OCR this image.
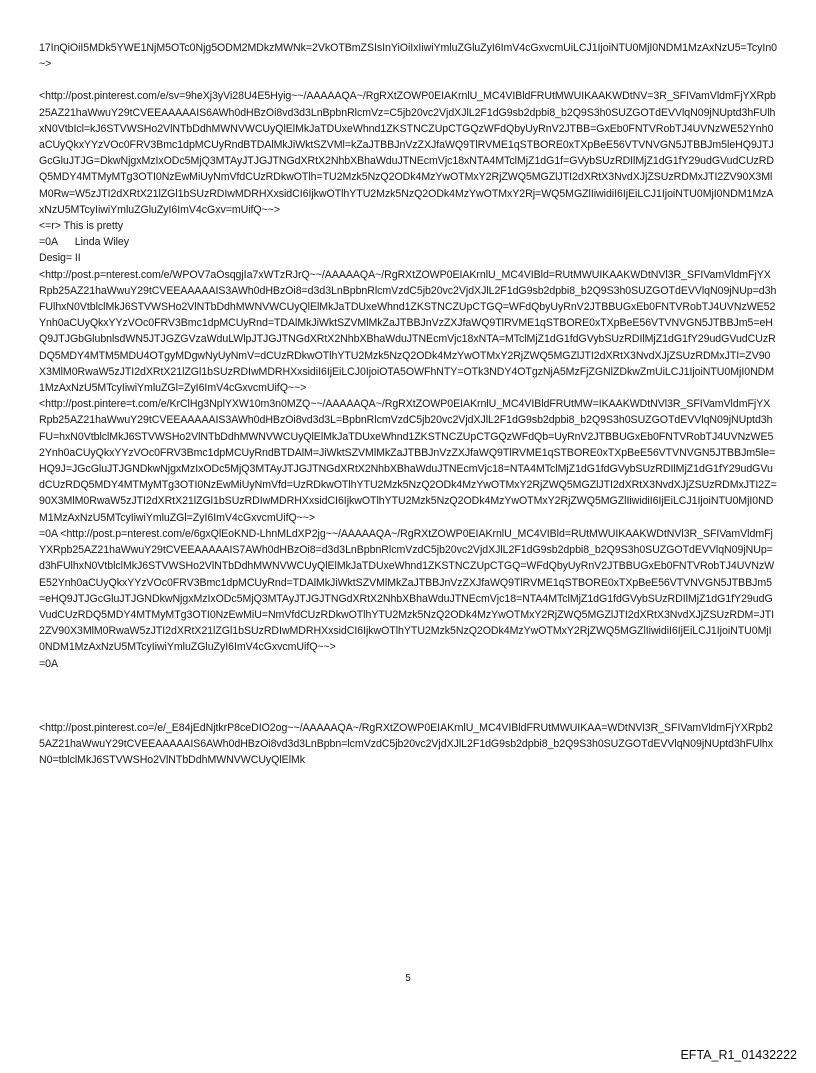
17InQiOiI5MDk5YWE1NjM5OTc0Njg5ODM2MDkzMWNk=2VkOTBmZSIsInYiOiIxIiwiYmluZGluZyI6ImV4cGxvcmUiLCJ1IjoiNTU0MjI0NDM1MzAxNzU5=TcyIn0~>
<http://post.pinterest.com/e/sv=9heXj3yVi28U4E5Hyig~~/AAAAAQA~/RgRXtZOWP0EIAKrnlU_MC4VIBldFRUtMWUIKAAKWDtNV=3R_SFIVamVldmFjYXRpb25AZ21haWwuY29tCVEEAAAAAIS6AWh0dHBzOi8vd3d3LnBpbnRlcmVz=C5jb20vc2VjdXJlL2F1dG9sb2dpbi8_b2Q9S3h0SUZGOTdEVVlqN09jNUptd3hFUlhxN0VtbIcl=kJ6STVWSHo2VlNTbDdhMWNVWCUyQlElMkJaTDUxeWhnd1ZKSTNCZUpCTGQzWFdQbyUyRnV2JTBB=GxEb0FNTVRobTJ4UVNzWE52Ynh0aCUyQkxYYzVOc0FRV3Bmc1dpMCUyRndBTDAlMkJiWktSZVMl=kZaJTBBJnVzZXJfaWQ9TlRVME1qSTBORE0xTXpBeE56VTVNVGN5JTBBJm5leHQ9JTJGcGluJTJG=DkwNjgxMzIxODc5MjQ3MTAyJTJGJTNGdXRtX2NhbXBhaWduJTNEcmVjc18xNTA4MTclMjZ1dG1f=GVybSUzRDIlMjZ1dG1fY29udGVudCUzRDQ5MDY4MTMyMTg3OTI0NzEwMiUyNmVfdCUzRDkwOTlh=TU2Mzk5NzQ2ODk4MzYwOTMxY2RjZWQ5MGZlJTI2dXRtX3NvdXJjZSUzRDMxJTI2ZV90X3MlM0Rw=W5zJTI2dXRtX21lZGl1bSUzRDIwMDRHXxsidCI6IjkwOTlhYTU2Mzk5NzQ2ODk4MzYwOTMxY2Rj=WQ5MGZlIiwidiI6IjEiLCJ1IjoiNTU0MjI0NDM1MzAxNzU5MTcyIiwiYmluZGluZyI6ImV4cGxv=mUifQ~~>
<=r> This is pretty
=0A      Linda Wiley
Desig= II
<http://post.p=nterest.com/e/WPOV7aOsqgjIa7xWTzRJrQ~~/AAAAAQA~/RgRXtZOWP0EIAKrnlU_MC4VIBld=RUtMWUIKAAKWDtNVl3R_SFIVamVldmFjYXRpb25AZ21haWwuY29tCVEEAAAAAIS3AWh0dHBzOi8=d3d3LnBpbnRlcmVzdC5jb20vc2VjdXJlL2F1dG9sb2dpbi8_b2Q9S3h0SUZGOTdEVVlqN09jNUp=d3hFUlhxN0VtblclMkJ6STVWSHo2VlNTbDdhMWNVWCUyQlElMkJaTDUxeWhnd1ZKSTNCZUpCTGQ=WFdQbyUyRnV2JTBBUGxEb0FNTVRobTJ4UVNzWE52Ynh0aCUyQkxYYzVOc0FRV3Bmc1dpMCUyRnd=TDAlMkJiWktSZVMlMkZaJTBBJnVzZXJfaWQ9TlRVME1qSTBORE0xTXpBeE56VTVNVGN5JTBBJm5=eHQ9JTJGbGlubnlsdWN5JTJGZGVzaWduLWlpJTJGJTNGdXRtX2NhbXBhaWduJTNEcmVjc18xNTA=MTclMjZ1dG1fdGVybSUzRDIlMjZ1dG1fY29udGVudCUzRDQ5MDY4MTM5MDU4OTgyMDgwNyUyNmV=dCUzRDkwOTlhYTU2Mzk5NzQ2ODk4MzYwOTMxY2RjZWQ5MGZlJTI2dXRtX3NvdXJjZSUzRDMxJTI=ZV90X3MlM0RwaW5zJTI2dXRtX21lZGl1bSUzRDIwMDRHXxsidiI6IjEiLCJ0IjoiOTA5OWFhNTY=OTk3NDY4OTgzNjA5MzFjZGNlZDkwZmUiLCJ1IjoiNTU0MjI0NDM1MzAxNzU5MTcyIiwiYmluZGl=ZyI6ImV4cGxvcmUifQ~~>
<http://post.pintere=t.com/e/KrClHg3NplYXW10m3n0MZQ~~/AAAAAQA~/RgRXtZOWP0EIAKrnlU_MC4VIBldFRUtMW=IKAAKWDtNVl3R_SFIVamVldmFjYXRpb25AZ21haWwuY29tCVEEAAAAAIS3AWh0dHBzOi8vd3d3L=BpbnRlcmVzdC5jb20vc2VjdXJlL2F1dG9sb2dpbi8_b2Q9S3h0SUZGOTdEVVlqN09jNUptd3hFU=hxN0VtblclMkJ6STVWSHo2VlNTbDdhMWNVWCUyQlElMkJaTDUxeWhnd1ZKSTNCZUpCTGQzWFdQb=UyRnV2JTBBUGxEb0FNTVRobTJ4UVNzWE52Ynh0aCUyQkxYYzVOc0FRV3Bmc1dpMCUyRndBTDAlM=JiWktSZVMlMkZaJTBBJnVzZXJfaWQ9TlRVME1qSTBORE0xTXpBeE56VTVNVGN5JTBBJm5le=HQ9J=JGcGluJTJGNDkwNjgxMzIxODc5MjQ3MTAyJTJGJTNGdXRtX2NhbXBhaWduJTNEcmVjc18=NTA4MTclMjZ1dG1fdGVybSUzRDIlMjZ1dG1fY29udGVudCUzRDQ5MDY4MTMyMTg3OTI0NzEwMiUyNmVfd=UzRDkwOTlhYTU2Mzk5NzQ2ODk4MzYwOTMxY2RjZWQ5MGZlJTI2dXRtX3NvdXJjZSUzRDMxJTI2Z=90X3MlM0RwaW5zJTI2dXRtX21lZGl1bSUzRDIwMDRHXxsidCI6IjkwOTlhYTU2Mzk5NzQ2ODk4MzYwOTMxY2RjZWQ5MGZlIiwidiI6IjEiLCJ1IjoiNTU0MjI0NDM1MzAxNzU5MTcyIiwiYmluZGl=ZyI6ImV4cGxvcmUifQ~~>
=0A <http://post.p=nterest.com/e/6gxQlEoKND-LhnMLdXP2jg~~/AAAAAQA~/RgRXtZOWP0EIAKrnlU_MC4VIBld=RUtMWUIKAAKWDtNVl3R_SFIVamVldmFjYXRpb25AZ21haWwuY29tCVEEAAAAAIS7AWh0dHBzOi8=d3d3LnBpbnRlcmVzdC5jb20vc2VjdXJlL2F1dG9sb2dpbi8_b2Q9S3h0SUZGOTdEVVlqN09jNUp=d3hFUlhxN0VtblclMkJ6STVWSHo2VlNTbDdhMWNVWCUyQlElMkJaTDUxeWhnd1ZKSTNCZUpCTGQ=WFdQbyUyRnV2JTBBUGxEb0FNTVRobTJ4UVNzWE52Ynh0aCUyQkxYYzVOc0FRV3Bmc1dpMCUyRnd=TDAlMkJiWktSZVMlMkZaJTBBJnVzZXJfaWQ9TlRVME1qSTBORE0xTXpBeE56VTVNVGN5JTBBJm5=eHQ9JTJGcGluJTJGNDkwNjgxMzIxODc5MjQ3MTAyJTJGJTNGdXRtX2NhbXBhaWduJTNEcmVjc18=NTA4MTclMjZ1dG1fdGVybSUzRDIlMjZ1dG1fY29udGVudCUzRDQ5MDY4MTMyMTg3OTI0NzEwMiU=NmVfdCUzRDkwOTlhYTU2Mzk5NzQ2ODk4MzYwOTMxY2RjZWQ5MGZlJTI2dXRtX3NvdXJjZSUzRDM=JTI2ZV90X3MlM0RwaW5zJTI2dXRtX21lZGl1bSUzRDIwMDRHXxsidCI6IjkwOTlhYTU2Mzk5NzQ2ODk4MzYwOTMxY2RjZWQ5MGZlIiwidiI6IjEiLCJ1IjoiNTU0MjI0NDM1MzAxNzU5MTcyIiwiYmluZGluZyI6ImV4cGxvcmUifQ~~>
=0A
<http://post.pinterest.co=/e/_E84jEdNjtkrP8ceDIO2og~~/AAAAAQA~/RgRXtZOWP0EIAKrnlU_MC4VIBldFRUtMWUIKAA=WDtNVl3R_SFIVamVldmFjYXRpb25AZ21haWwuY29tCVEEAAAAAIS6AWh0dHBzOi8vd3d3LnBpbn=lcmVzdC5jb20vc2VjdXJlL2F1dG9sb2dpbi8_b2Q9S3h0SUZGOTdEVVlqN09jNUptd3hFUlhxN0=tblclMkJ6STVWSHo2VlNTbDdhMWNVWCUyQlElMk
5
EFTA_R1_01432222
